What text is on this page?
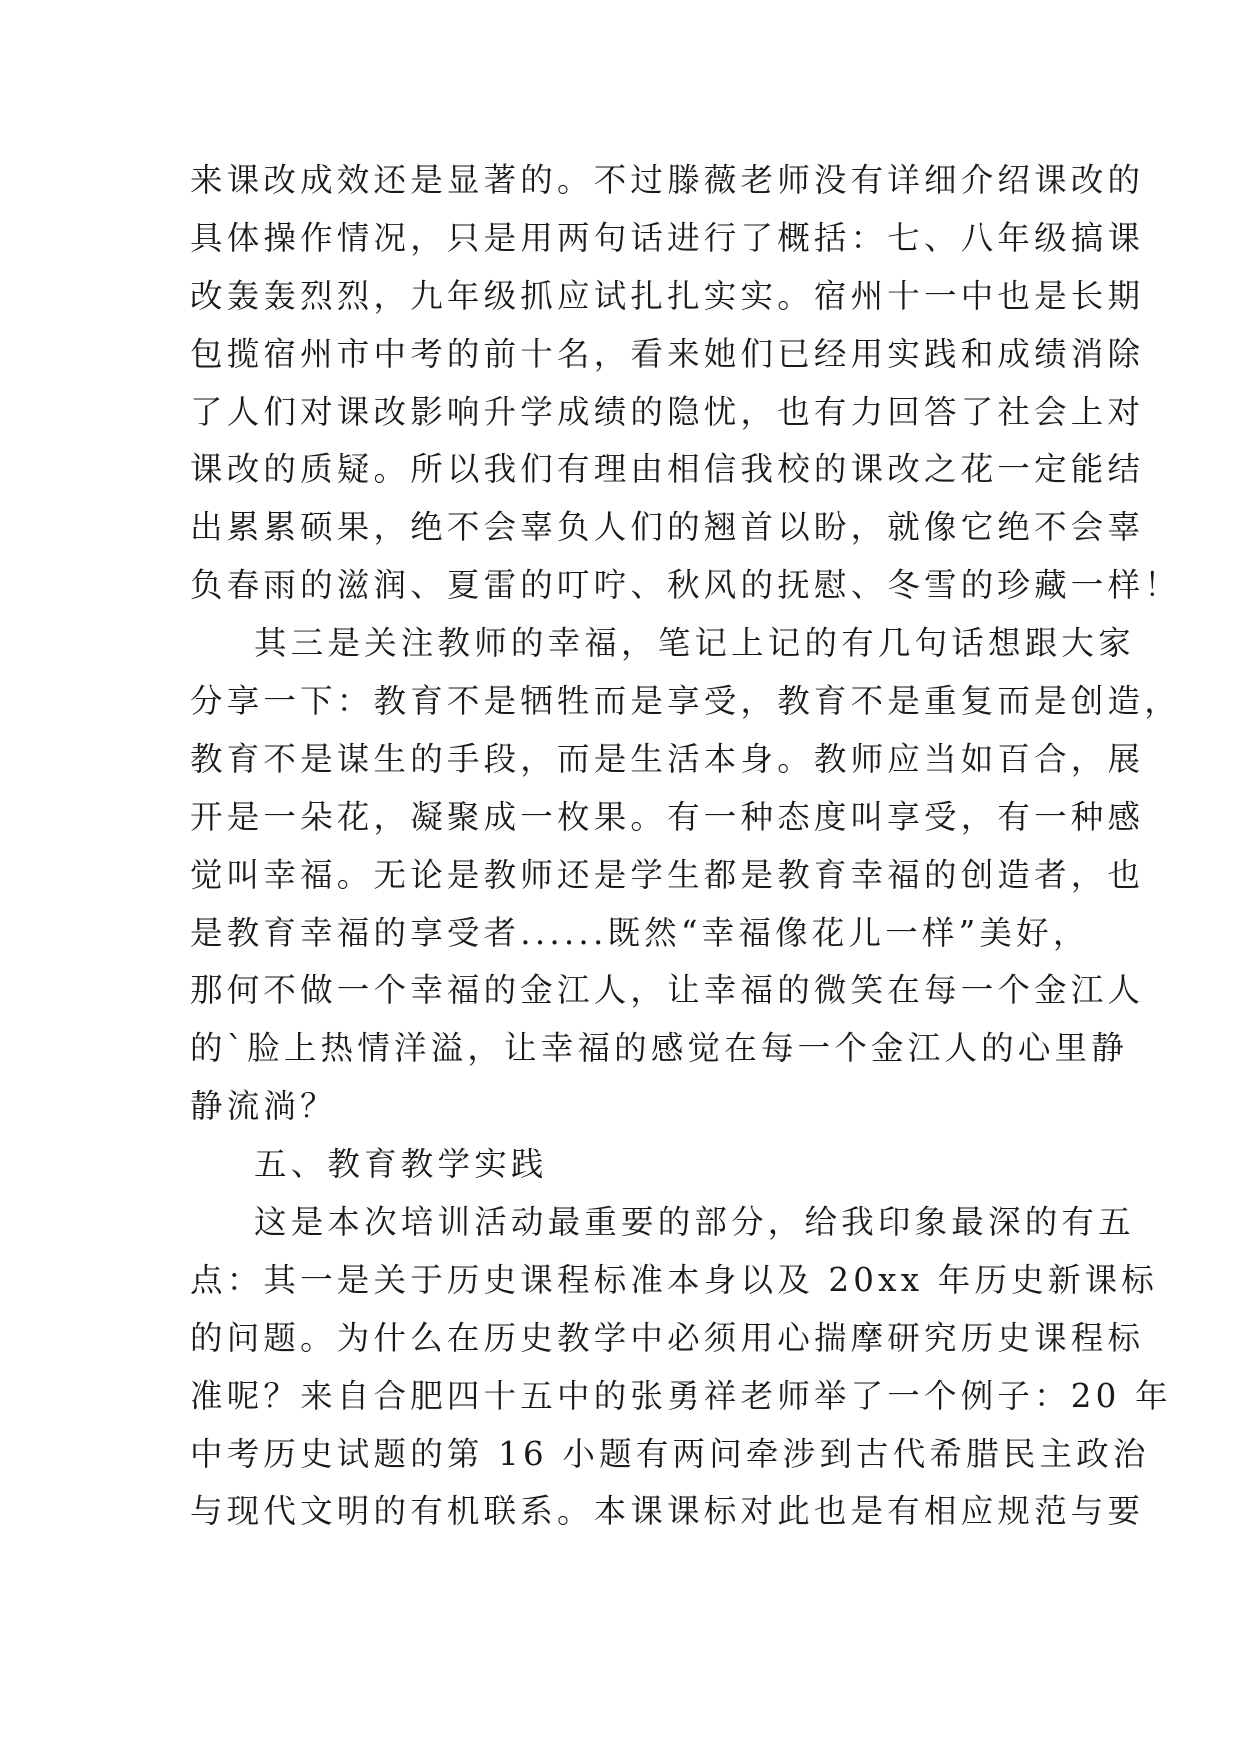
来课改成效还是显著的。不过滕薇老师没有详细介绍课改的
具体操作情况，只是用两句话进行了概括：七、八年级搞课
改轰轰烈烈，九年级抓应试扎扎实实。宿州十一中也是长期
包揽宿州市中考的前十名，看来她们已经用实践和成绩消除
了人们对课改影响升学成绩的隐忧，也有力回答了社会上对
课改的质疑。所以我们有理由相信我校的课改之花一定能结
出累累硕果，绝不会辜负人们的翘首以盼，就像它绝不会辜
负春雨的滋润、夏雷的叮咛、秋风的抚慰、冬雪的珍藏一样！
其三是关注教师的幸福，笔记上记的有几句话想跟大家
分享一下：教育不是牺牲而是享受，教育不是重复而是创造，
教育不是谋生的手段，而是生活本身。教师应当如百合，展
开是一朵花，凝聚成一枚果。有一种态度叫享受，有一种感
觉叫幸福。无论是教师还是学生都是教育幸福的创造者，也
是教育幸福的享受者......既然“幸福像花儿一样”美好，
那何不做一个幸福的金江人，让幸福的微笑在每一个金江人
的`脸上热情洋溢，让幸福的感觉在每一个金江人的心里静
静流淌？
五、教育教学实践
这是本次培训活动最重要的部分，给我印象最深的有五
点：其一是关于历史课程标准本身以及 20xx 年历史新课标
的问题。为什么在历史教学中必须用心揣摩研究历史课程标
准呢？来自合肥四十五中的张勇祥老师举了一个例子：20 年
中考历史试题的第 16 小题有两问牵涉到古代希腊民主政治
与现代文明的有机联系。本课课标对此也是有相应规范与要
